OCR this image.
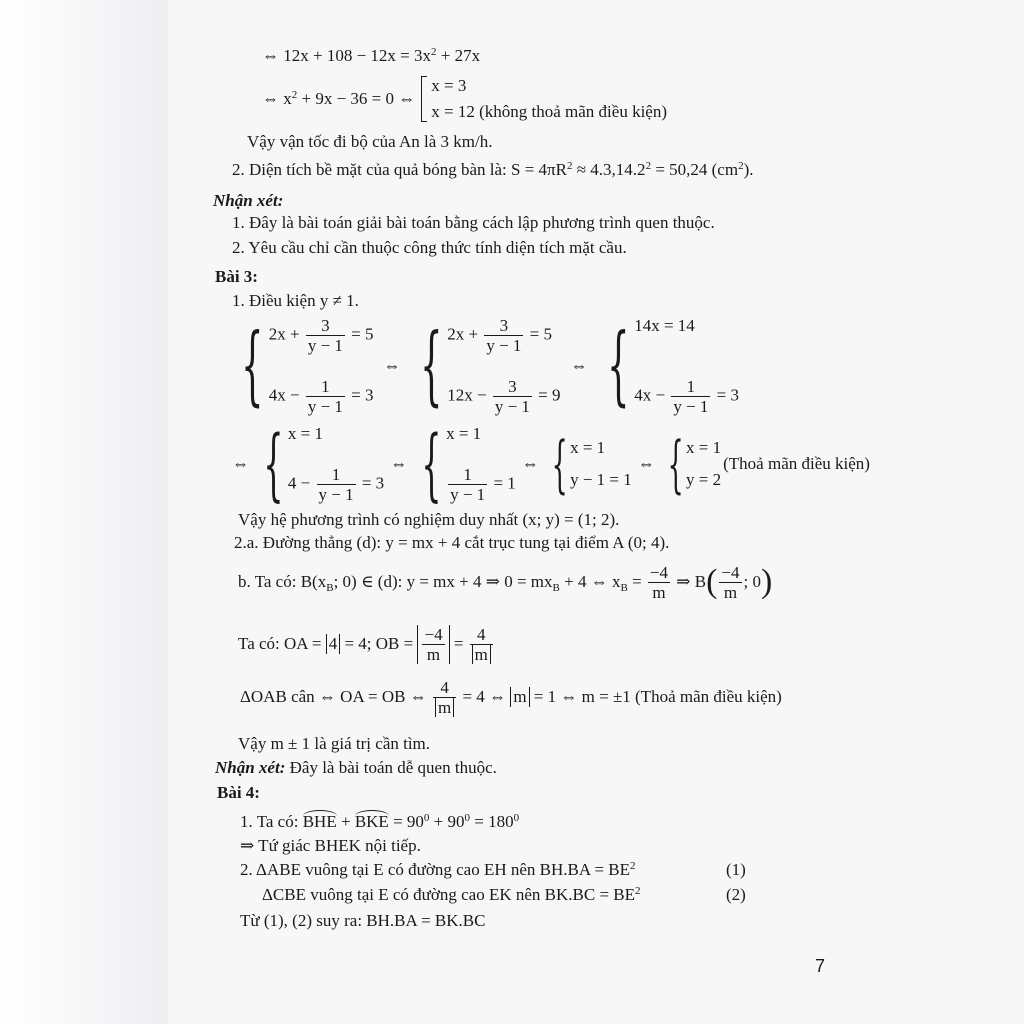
⇔ $12x + 108 - 12x = 3x^2 + 27x$
⇔ $x^2 + 9x - 36 = 0$ ⇔
x = 3
x = 12 (không thoả mãn điều kiện)
Vậy vận tốc đi bộ của An là 3 km/h.
2. Diện tích bề mặt của quả bóng bàn là: $S = 4\pi R^2 \approx 4.3,14.2^2 = 50,24$ $(cm^2)$.
Nhận xét:
1. Đây là bài toán giải bài toán bằng cách lập phương trình quen thuộc.
2. Yêu cầu chỉ cần thuộc công thức tính diện tích mặt cầu.
Bài 3:
1. Điều kiện y ≠ 1.
{ $2x + \frac{3}{y - 1} = 5$
$4x - \frac{1}{y - 1} = 3$
⇔ { $2x + \frac{3}{y - 1} = 5$
$12x - \frac{3}{y - 1} = 9$
⇔ { 14x = 14
$4x - \frac{1}{y - 1} = 3$
⇔ { x = 1
$4 - \frac{1}{y - 1} = 3$
⇔ { x = 1
$\frac{1}{y - 1} = 1$
⇔ { x = 1
y − 1 = 1
⇔ { x = 1
y = 2
(Thoả mãn điều kiện)
Vậy hệ phương trình có nghiệm duy nhất (x; y) = (1; 2).
2.a. Đường thẳng (d): y = mx + 4 cắt trục tung tại điểm A (0; 4).
b. Ta có: $B(x_B$; 0) ∈ (d): y = mx + 4 ⇒ $0 = mx_B + 4$ ⇔ $x_B = \frac{-4}{m}$ ⇒ B ( $\frac{-4}{m}$ ; 0 )
Ta có: OA = 4 = 4; OB = $\frac{-4}{m} = \frac{4}{m}$
ΔOAB cân ⇔ OA = OB ⇔ $\frac{4}{m} = 4$ ⇔ m = 1 ⇔ m = ±1 (Thoả mãn điều kiện)
Vậy m ± 1 là giá trị cần tìm.
Nhận xét: Đây là bài toán dễ quen thuộc.
Bài 4:
1. Ta có: BHE + BKE = $90^0 + 90^0 = 180^0$
⇒ Tứ giác BHEK nội tiếp.
2. ΔABE vuông tại E có đường cao EH nên $BH.BA = BE^2$	(1)
ΔCBE vuông tại E có đường cao EK nên $BK.BC = BE^2$	(2)
Từ (1), (2) suy ra: BH.BA = BK.BC
7
